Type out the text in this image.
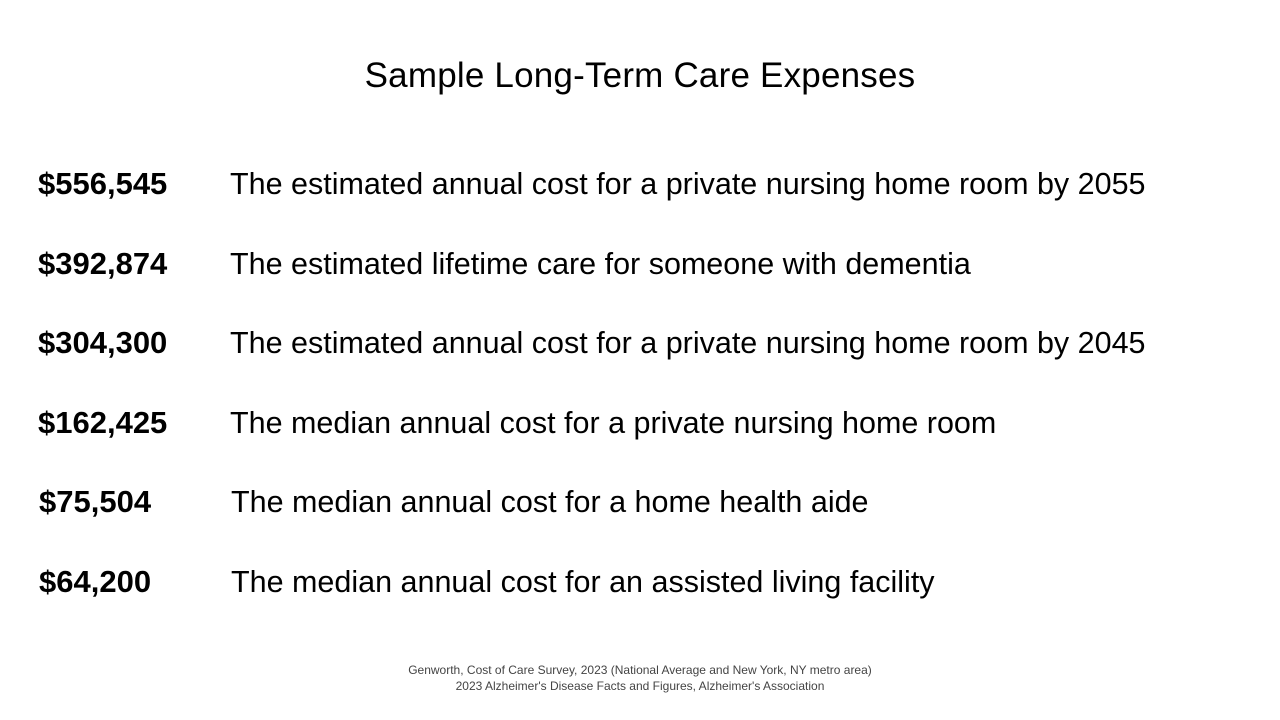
Sample Long-Term Care Expenses
$556,545 The estimated annual cost for a private nursing home room by 2055
$392,874 The estimated lifetime care for someone with dementia
$304,300 The estimated annual cost for a private nursing home room by 2045
$162,425 The median annual cost for a private nursing home room
$75,504	The median annual cost for a home health aide
$64,200	The median annual cost for an assisted living facility

Genworth, Cost of Care Survey, 2023 (National Average and New York, NY metro area)

2023 Alzheimer's Disease Facts and Figures, Alzheimer's Association
